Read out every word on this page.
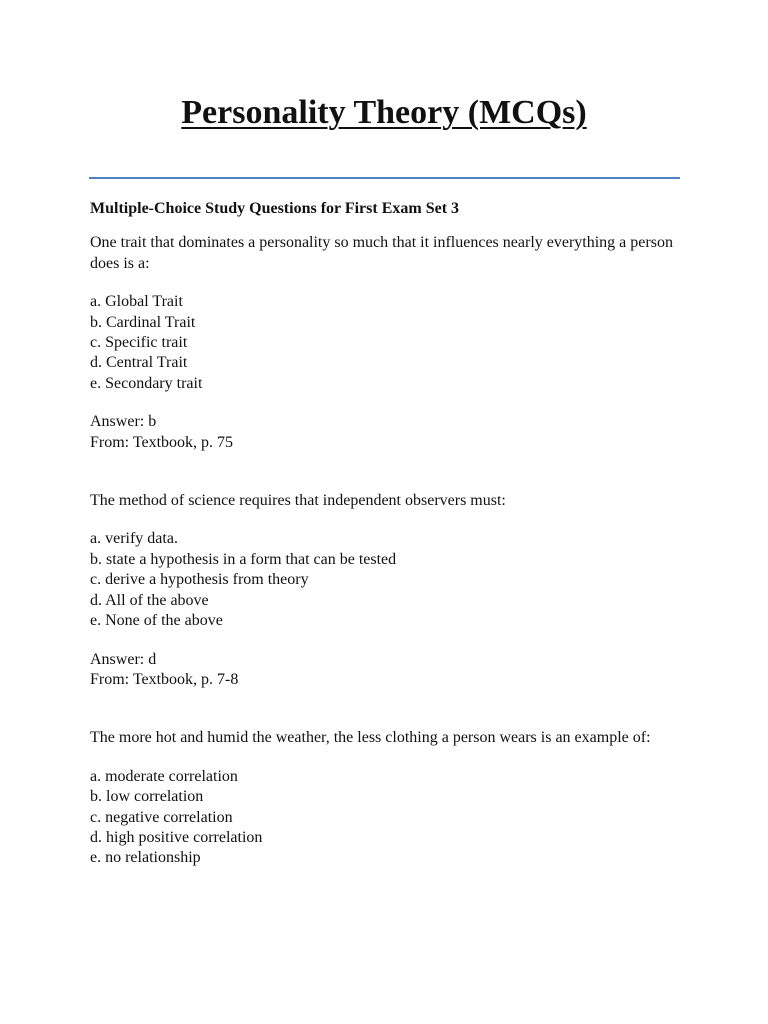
Personality Theory (MCQs)

Multiple-Choice Study Questions for First Exam Set 3

One trait that dominates a personality so much that it influences nearly everything a person does is a:

a. Global Trait
b. Cardinal Trait
c. Specific trait
d. Central Trait
e. Secondary trait
Answer: b
From: Textbook, p. 75

The method of science requires that independent observers must:

a. verify data.
b. state a hypothesis in a form that can be tested
c. derive a hypothesis from theory
d. All of the above
e. None of the above
Answer: d
From: Textbook, p. 7-8

The more hot and humid the weather, the less clothing a person wears is an example of:

a. moderate correlation
b. low correlation
c. negative correlation
d. high positive correlation
e. no relationship
